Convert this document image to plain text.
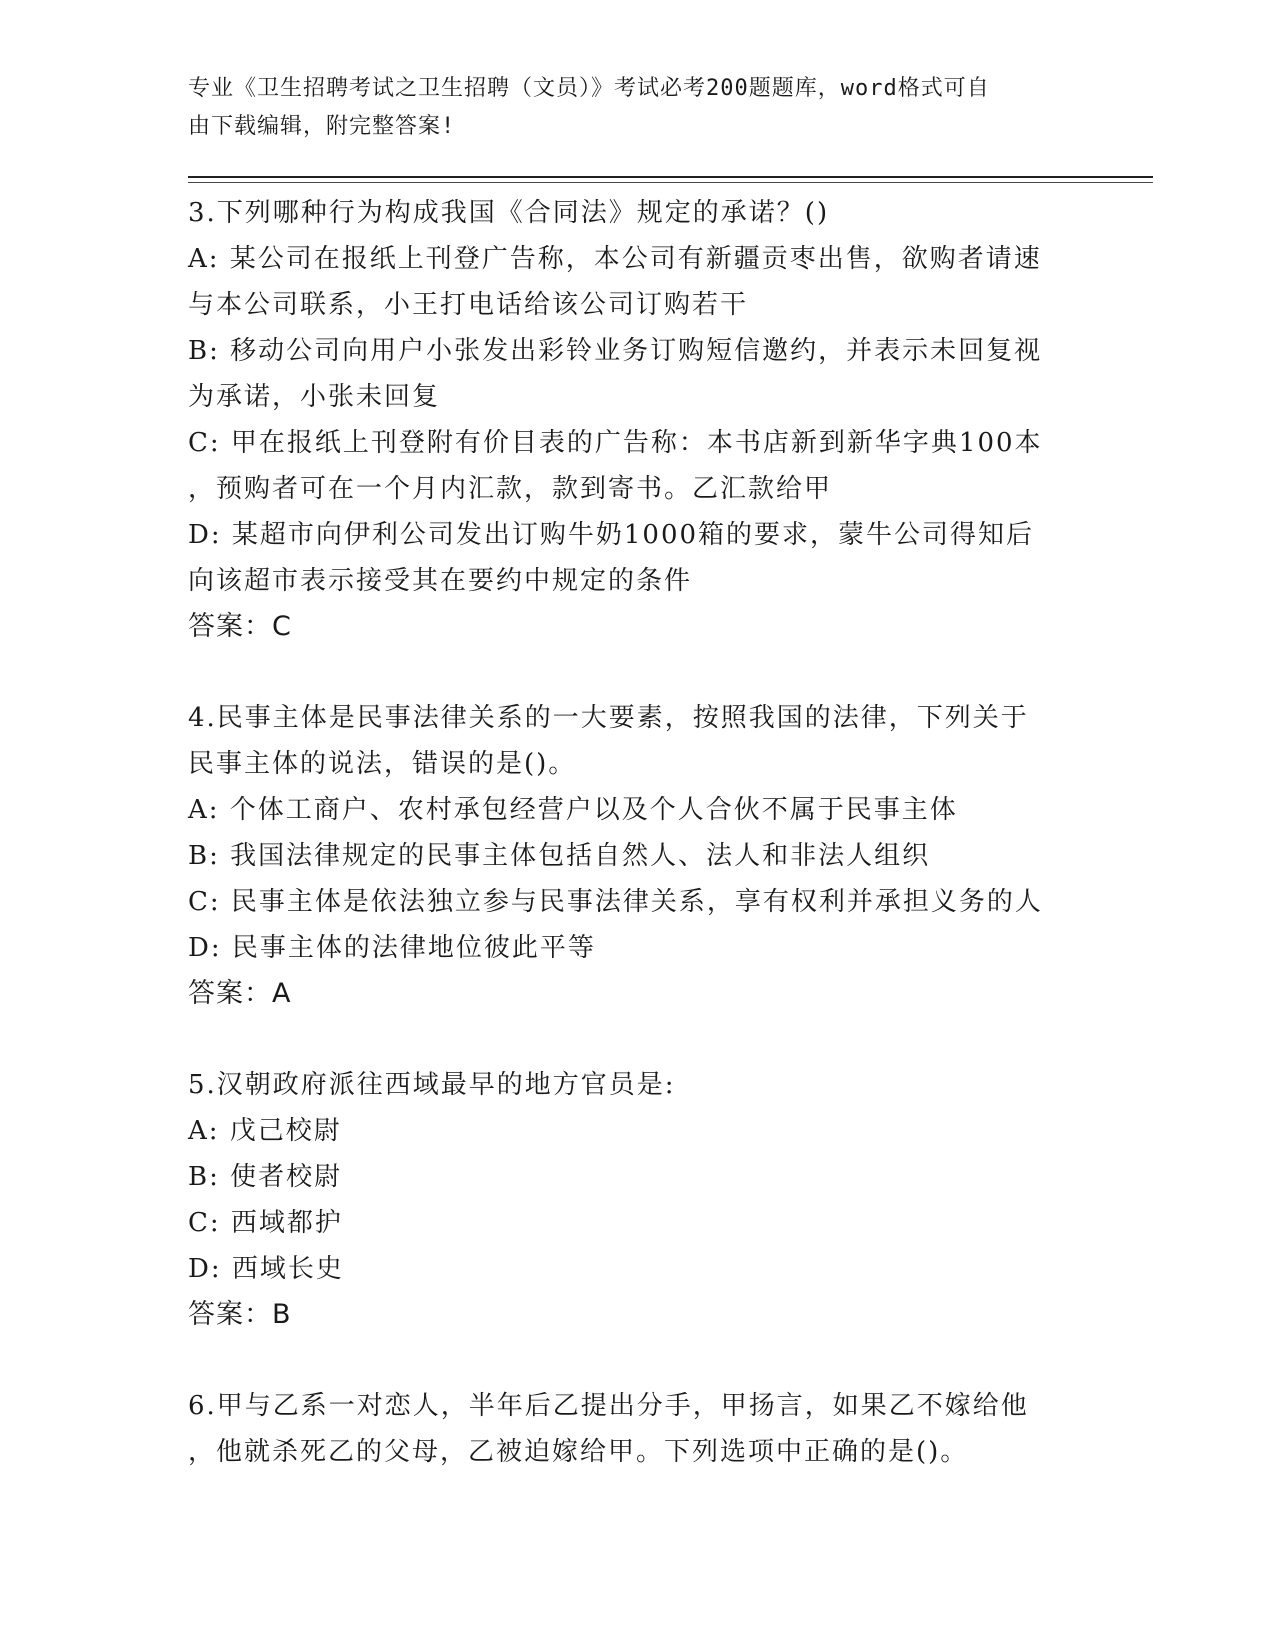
专业《卫生招聘考试之卫生招聘（文员）》考试必考200题题库，word格式可自
由下载编辑，附完整答案!
3.下列哪种行为构成我国《合同法》规定的承诺？()
A: 某公司在报纸上刊登广告称，本公司有新疆贡枣出售，欲购者请速
与本公司联系，小王打电话给该公司订购若干
B: 移动公司向用户小张发出彩铃业务订购短信邀约，并表示未回复视
为承诺，小张未回复
C: 甲在报纸上刊登附有价目表的广告称：本书店新到新华字典100本
，预购者可在一个月内汇款，款到寄书。乙汇款给甲
D: 某超市向伊利公司发出订购牛奶1000箱的要求，蒙牛公司得知后
向该超市表示接受其在要约中规定的条件
答案：C
4.民事主体是民事法律关系的一大要素，按照我国的法律，下列关于
民事主体的说法，错误的是()。
A: 个体工商户、农村承包经营户以及个人合伙不属于民事主体
B: 我国法律规定的民事主体包括自然人、法人和非法人组织
C: 民事主体是依法独立参与民事法律关系，享有权利并承担义务的人
D: 民事主体的法律地位彼此平等
答案：A
5.汉朝政府派往西域最早的地方官员是:
A: 戊己校尉
B: 使者校尉
C: 西域都护
D: 西域长史
答案：B
6.甲与乙系一对恋人，半年后乙提出分手，甲扬言，如果乙不嫁给他
，他就杀死乙的父母，乙被迫嫁给甲。下列选项中正确的是()。
